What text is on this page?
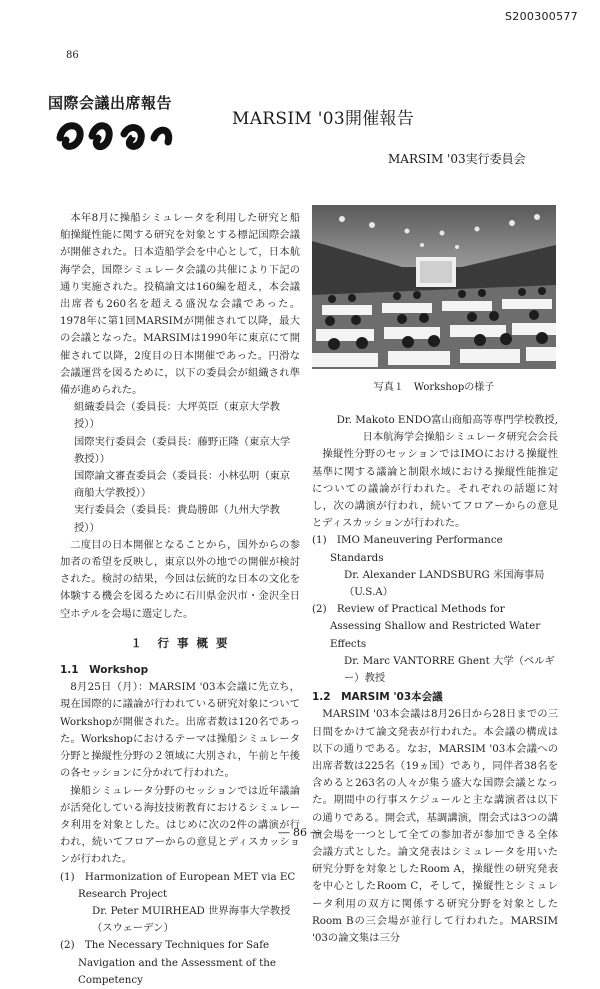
S200300577
86
国際会議出席報告
MARSIM '03開催報告
MARSIM '03実行委員会

本年8月に操船シミュレータを利用した研究と船舶操縦性能に関する研究を対象とする標記国際会議が開催された。日本造船学会を中心として，日本航海学会，国際シミュレータ会議の共催により下記の通り実施された。投稿論文は160編を超え，本会議出席者も260名を超える盛況な会議であった。1978年に第1回MARSIMが開催されて以降，最大の会議となった。MARSIMは1990年に東京にて開催されて以降，2度目の日本開催であった。円滑な会議運営を図るために，以下の委員会が組織され準備が進められた。

組織委員会（委員長：大坪英臣（東京大学教授））
国際実行委員会（委員長：藤野正隆（東京大学教授））
国際論文審査委員会（委員長：小林弘明（東京商船大学教授））
実行委員会（委員長：貴島勝郎（九州大学教授））

二度目の日本開催となることから，国外からの参加者の希望を反映し，東京以外の地での開催が検討された。検討の結果，今回は伝統的な日本の文化を体験する機会を図るために石川県金沢市・金沢全日空ホテルを会場に選定した。

１　行 事 概 要
1.1　Workshop

8月25日（月）：MARSIM '03本会議に先立ち，現在国際的に議論が行われている研究対象についてWorkshopが開催された。出席者数は120名であった。Workshopにおけるテーマは操船シミュレータ分野と操縦性分野の２領域に大別され，午前と午後の各セッションに分かれて行われた。

操船シミュレータ分野のセッションでは近年議論が活発化している海技技術教育におけるシミュレータ利用を対象とした。はじめに次の2件の講演が行われ，続いてフロアーからの意見とディスカッションが行われた。

(1)　Harmonization of European MET via EC Research Project
Dr. Peter MUIRHEAD 世界海事大学教授（スウェーデン）
(2)　The Necessary Techniques for Safe Navigation and the Assessment of the Competency
写真１　Workshopの様子
Dr. Makoto ENDO富山商船高等専門学校教授,
日本航海学会操船シミュレータ研究会会長

操縦性分野のセッションではIMOにおける操縦性基準に関する議論と制限水域における操縦性能推定についての議論が行われた。それぞれの話題に対し，次の講演が行われ，続いてフロアーからの意見とディスカッションが行われた。

(1)　IMO Maneuvering Performance Standards
Dr. Alexander LANDSBURG 米国海事局（U.S.A）
(2)　Review of Practical Methods for Assessing Shallow and Restricted Water Effects
Dr. Marc VANTORRE Ghent 大学（ベルギー）教授
1.2　MARSIM '03本会議

MARSIM '03本会議は8月26日から28日までの三日間をかけて論文発表が行われた。本会議の構成は以下の通りである。なお，MARSIM '03本会議への出席者数は225名（19ヵ国）であり，同伴者38名を含めると263名の人々が集う盛大な国際会議となった。期間中の行事スケジュールと主な講演者は以下の通りである。開会式，基調講演，閉会式は3つの講演会場を一つとして全ての参加者が参加できる全体会議方式とした。論文発表はシミュレータを用いた研究分野を対象としたRoom A，操縦性の研究発表を中心としたRoom C，そして，操縦性とシミュレータ利用の双方に関係する研究分野を対象としたRoom Bの三会場が並行して行われた。MARSIM '03の論文集は三分

― 86 ―
